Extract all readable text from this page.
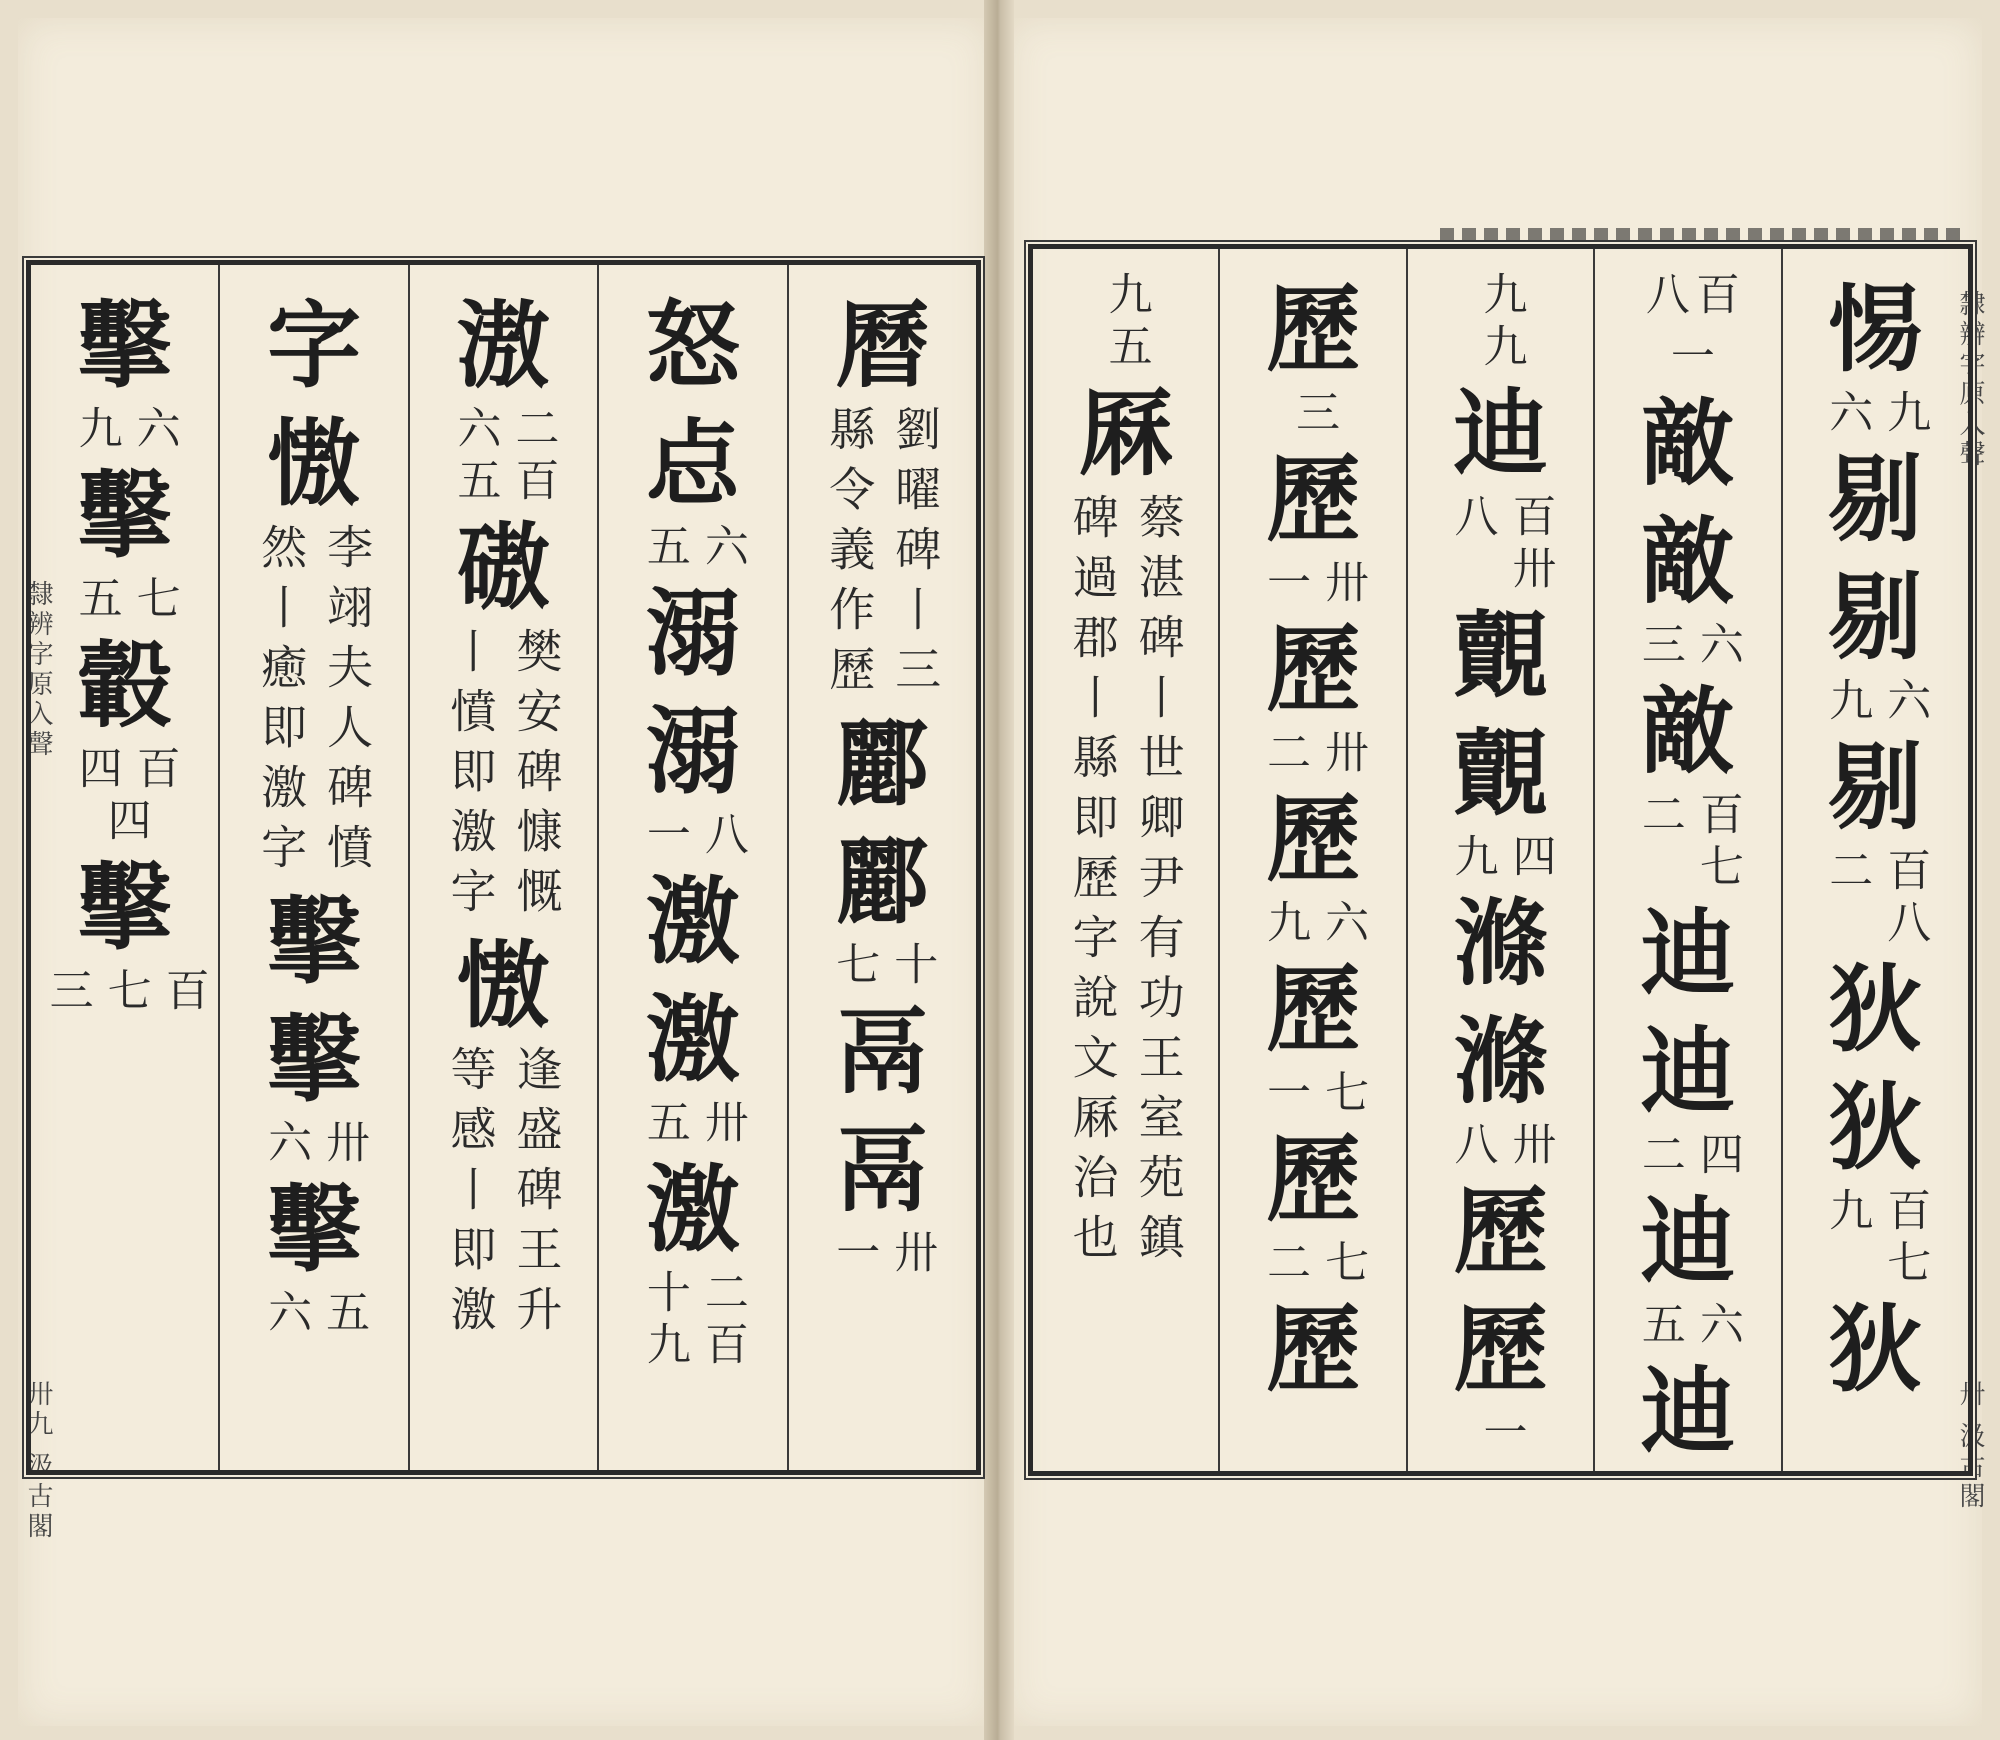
隸辨字原入聲
卅九 汲古閣
隸辨字原入聲
卅 汲古閣
曆
劉曜碑丨三
縣令義作歷
酈
酈
十
七
鬲
鬲
卅
一
怒
㤐
六
五
溺
溺
八
一
激
激
卅
五
激
二百
十九
滶
二百
六五
磝
樊安碑慷慨
丨憤即激字
慠
逢盛碑王升
等感丨即激
字
慠
李翊夫人碑憤
然丨癒即激字
擊
擊
卅
六
擊
五
六
擊
六
九
擊
七
五
轂
百
四
四
擊
百
七
三
惕
九
六
剔
剔
六
九
剔
百八
二
狄
狄
百七
九
狄
百八
一
敵
敵
六
三
敵
百七
二
迪
迪
四
二
迪
六
五
迪
九九
迪
百卅
八
覿
覿
四
九
滌
滌
卅
八
歷
歷
一
歷
三
歷
卅
一
歷
卅
二
歷
六
九
歷
七
一
歷
七
二
歷
九五
厤
蔡湛碑丨世卿尹有功王室苑鎮
碑過郡丨縣即歷字說文厤治也
